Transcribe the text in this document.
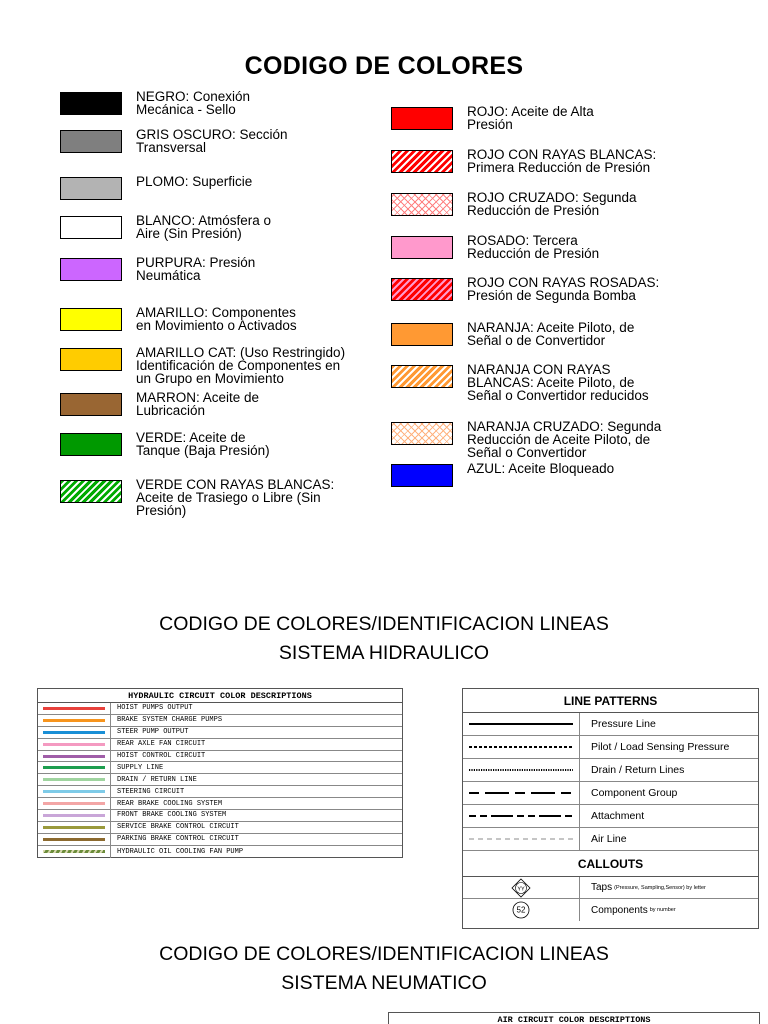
CODIGO DE COLORES
NEGRO: Conexión
Mecánica - Sello
GRIS OSCURO: Sección
Transversal
PLOMO: Superficie
BLANCO: Atmósfera o
Aire (Sin Presión)
PURPURA: Presión
Neumática
AMARILLO: Componentes
en Movimiento o Activados
AMARILLO CAT: (Uso Restringido)
Identificación de Componentes en
un Grupo en Movimiento
MARRON: Aceite de
Lubricación
VERDE: Aceite de
Tanque (Baja Presión)
VERDE CON RAYAS BLANCAS:
Aceite de Trasiego o Libre (Sin
Presión)
ROJO: Aceite de Alta
Presión
ROJO CON RAYAS BLANCAS:
Primera Reducción de Presión
ROJO CRUZADO: Segunda
Reducción de Presión
ROSADO: Tercera
Reducción de Presión
ROJO CON RAYAS ROSADAS:
Presión de Segunda Bomba
NARANJA: Aceite Piloto, de
Señal o de Convertidor
NARANJA CON RAYAS
BLANCAS: Aceite Piloto, de
Señal o Convertidor reducidos
NARANJA CRUZADO: Segunda
Reducción de Aceite Piloto, de
Señal o Convertidor
AZUL: Aceite Bloqueado
CODIGO DE COLORES/IDENTIFICACION LINEAS
SISTEMA HIDRAULICO
HYDRAULIC CIRCUIT COLOR DESCRIPTIONS
HOIST PUMPS OUTPUT
BRAKE SYSTEM CHARGE PUMPS
STEER PUMP OUTPUT
REAR AXLE FAN CIRCUIT
HOIST CONTROL CIRCUIT
SUPPLY LINE
DRAIN / RETURN LINE
STEERING CIRCUIT
REAR BRAKE COOLING SYSTEM
FRONT BRAKE COOLING SYSTEM
SERVICE BRAKE CONTROL CIRCUIT
PARKING BRAKE CONTROL CIRCUIT
HYDRAULIC OIL COOLING FAN PUMP
LINE PATTERNS
Pressure Line
Pilot / Load Sensing Pressure
Drain / Return Lines
Component Group
Attachment
Air Line
CALLOUTS
YY	Taps (Pressure, Sampling,Sensor) by letter
52	Components by number
CODIGO DE COLORES/IDENTIFICACION LINEAS
SISTEMA NEUMATICO
AIR CIRCUIT COLOR DESCRIPTIONS
